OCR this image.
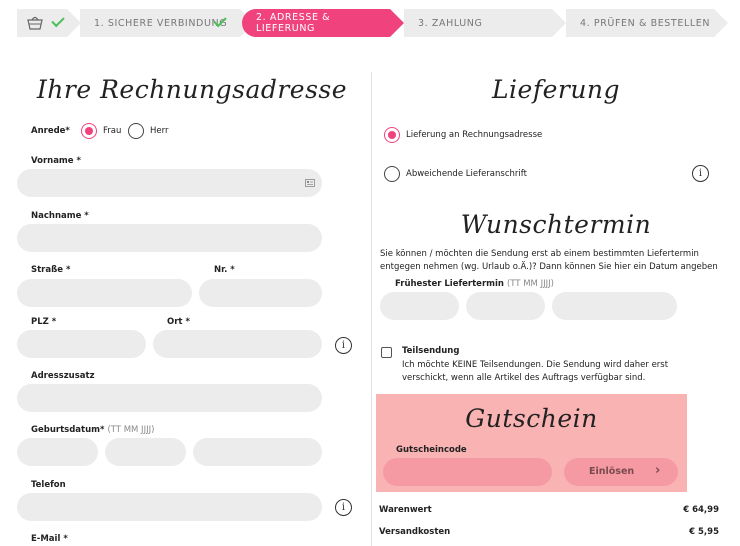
1. SICHERE VERBINDUNG	2. ADRESSE & LIEFERUNG	3. ZAHLUNG	4. PRÜFEN & BESTELLEN
Ihre Rechnungsadresse
Anrede*	Frau	Herr
Vorname *
Nachname *
Straße *	Nr. *
PLZ *	Ort *
i
Adresszusatz
Geburtsdatum* (TT MM JJJJ)
Telefon
i
E-Mail *
Lieferung
Lieferung an Rechnungsadresse
Abweichende Lieferanschrift	i
Wunschtermin
Sie können / möchten die Sendung erst ab einem bestimmten Liefertermin
entgegen nehmen (wg. Urlaub o.Ä.)? Dann können Sie hier ein Datum angeben
Frühester Liefertermin (TT MM JJJJ)
Teilsendung
Ich möchte KEINE Teilsendungen. Die Sendung wird daher erst
verschickt, wenn alle Artikel des Auftrags verfügbar sind.
Gutschein
Gutscheincode
Einlösen ›
Warenwert	€ 64,99
Versandkosten	€ 5,95
